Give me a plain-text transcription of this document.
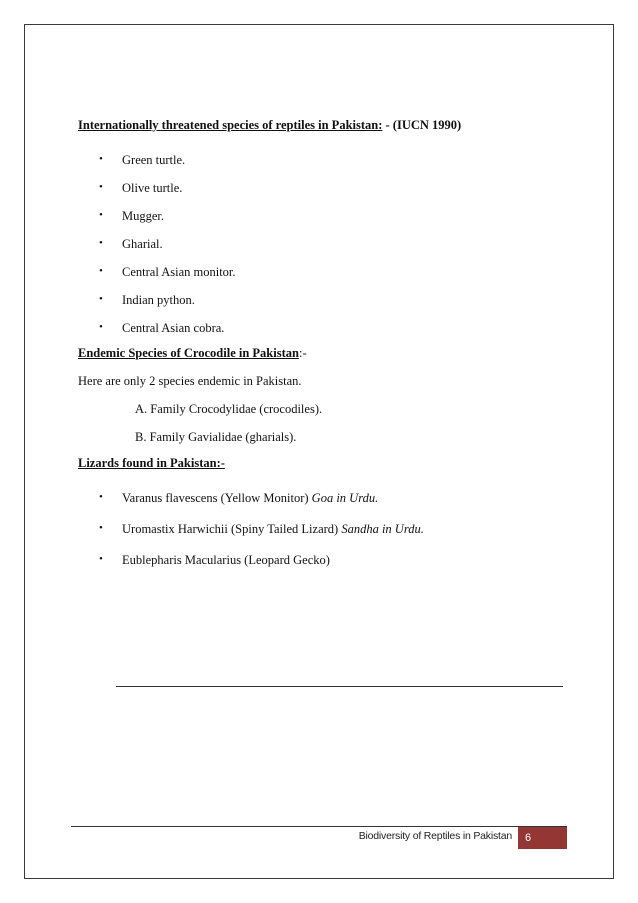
Internationally threatened species of reptiles in Pakistan: - (IUCN 1990)

• Green turtle.
• Olive turtle.
• Mugger.
• Gharial.
• Central Asian monitor.
• Indian python.
• Central Asian cobra.

Endemic Species of Crocodile in Pakistan:-

Here are only 2 species endemic in Pakistan.

A. Family Crocodylidae (crocodiles).
B. Family Gavialidae (gharials).

Lizards found in Pakistan:-

• Varanus flavescens (Yellow Monitor) Goa in Urdu.
• Uromastix Harwichii (Spiny Tailed Lizard) Sandha in Urdu.
• Eublepharis Macularius (Leopard Gecko)
Biodiversity of Reptiles in Pakistan	6
